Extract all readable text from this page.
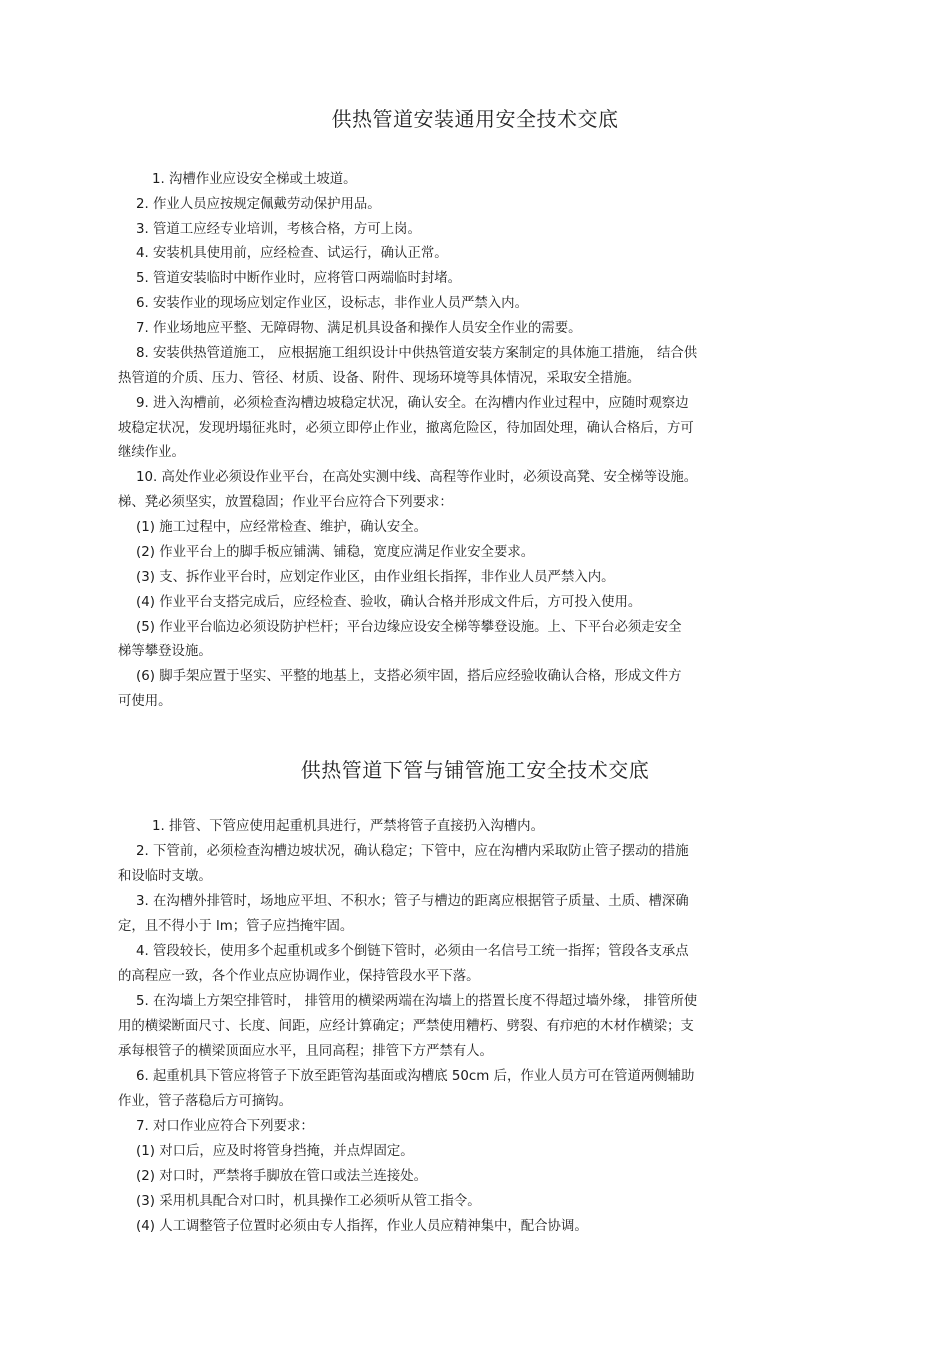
供热管道安装通用安全技术交底
1. 沟槽作业应设安全梯或土坡道。
2. 作业人员应按规定佩戴劳动保护用品。
3. 管道工应经专业培训，考核合格，方可上岗。
4. 安装机具使用前，应经检查、试运行，确认正常。
5. 管道安装临时中断作业时，应将管口两端临时封堵。
6. 安装作业的现场应划定作业区，设标志，非作业人员严禁入内。
7. 作业场地应平整、无障碍物、满足机具设备和操作人员安全作业的需要。
8. 安装供热管道施工， 应根据施工组织设计中供热管道安装方案制定的具体施工措施， 结合供
热管道的介质、压力、管径、材质、设备、附件、现场环境等具体情况，采取安全措施。
9. 进入沟槽前，必须检查沟槽边坡稳定状况，确认安全。在沟槽内作业过程中，应随时观察边
坡稳定状况，发现坍塌征兆时，必须立即停止作业，撤离危险区，待加固处理，确认合格后，方可
继续作业。
10. 高处作业必须设作业平台，在高处实测中线、高程等作业时，必须设高凳、安全梯等设施。
梯、凳必须坚实，放置稳固；作业平台应符合下列要求：
(1) 施工过程中，应经常检查、维护，确认安全。
(2) 作业平台上的脚手板应铺满、铺稳，宽度应满足作业安全要求。
(3) 支、拆作业平台时，应划定作业区，由作业组长指挥，非作业人员严禁入内。
(4) 作业平台支搭完成后，应经检查、验收，确认合格并形成文件后，方可投入使用。
(5) 作业平台临边必须设防护栏杆；平台边缘应设安全梯等攀登设施。上、下平台必须走安全
梯等攀登设施。
(6) 脚手架应置于坚实、平整的地基上，支搭必须牢固，搭后应经验收确认合格，形成文件方
可使用。
供热管道下管与铺管施工安全技术交底
1. 排管、下管应使用起重机具进行，严禁将管子直接扔入沟槽内。
2. 下管前，必须检查沟槽边坡状况，确认稳定；下管中，应在沟槽内采取防止管子摆动的措施
和设临时支墩。
3. 在沟槽外排管时，场地应平坦、不积水；管子与槽边的距离应根据管子质量、土质、槽深确
定，且不得小于 lm；管子应挡掩牢固。
4. 管段较长，使用多个起重机或多个倒链下管时，必须由一名信号工统一指挥；管段各支承点
的高程应一致，各个作业点应协调作业，保持管段水平下落。
5. 在沟墙上方架空排管时， 排管用的横梁两端在沟墙上的搭置长度不得超过墙外缘， 排管所使
用的横梁断面尺寸、长度、间距，应经计算确定；严禁使用糟朽、劈裂、有疖疤的木材作横梁；支
承每根管子的横梁顶面应水平，且同高程；排管下方严禁有人。
6. 起重机具下管应将管子下放至距管沟基面或沟槽底 50cm 后，作业人员方可在管道两侧辅助
作业，管子落稳后方可摘钩。
7. 对口作业应符合下列要求：
(1) 对口后，应及时将管身挡掩，并点焊固定。
(2) 对口时，严禁将手脚放在管口或法兰连接处。
(3) 采用机具配合对口时，机具操作工必须听从管工指令。
(4) 人工调整管子位置时必须由专人指挥，作业人员应精神集中，配合协调。
